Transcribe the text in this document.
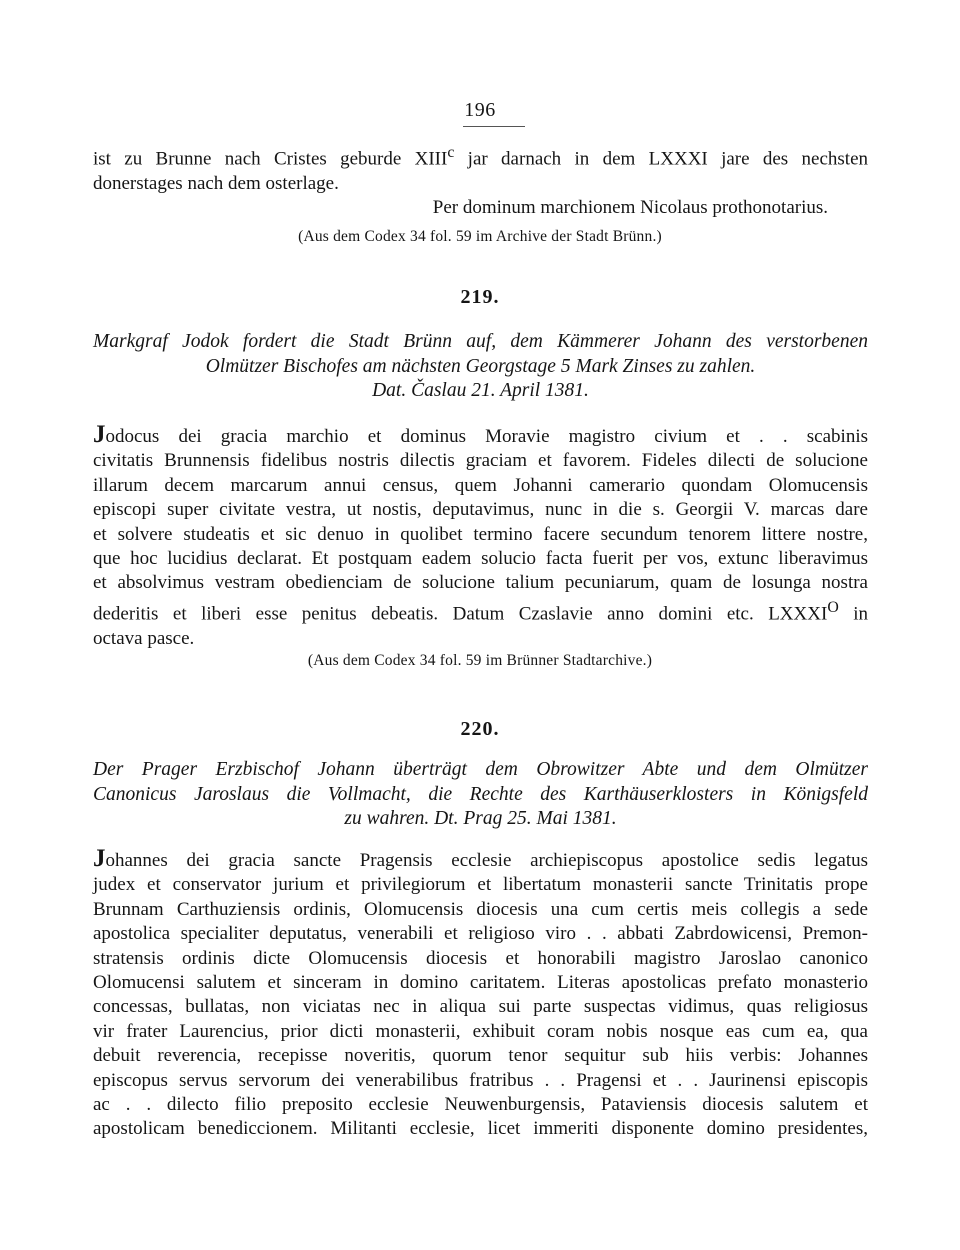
196
ist zu Brunne nach Cristes geburde XIII$^c$ jar darnach in dem LXXXI jare des nechsten
donerstages nach dem osterlage.
Per dominum marchionem Nicolaus prothonotarius.
(Aus dem Codex 34 fol. 59 im Archive der Stadt Brünn.)
219.
Markgraf Jodok fordert die Stadt Brünn auf, dem Kämmerer Johann des verstorbenen
Olmützer Bischofes am nächsten Georgstage 5 Mark Zinses zu zahlen.
Dat. Časlau 21. April 1381.
Jodocus dei gracia marchio et dominus Moravie magistro civium et . . scabinis
civitatis Brunnensis fidelibus nostris dilectis graciam et favorem. Fideles dilecti de solucione
illarum decem marcarum annui census, quem Johanni camerario quondam Olomucensis
episcopi super civitate vestra, ut nostis, deputavimus, nunc in die s. Georgii V. marcas dare
et solvere studeatis et sic denuo in quolibet termino facere secundum tenorem littere nostre,
que hoc lucidius declarat. Et postquam eadem solucio facta fuerit per vos, extunc liberavimus
et absolvimus vestram obedienciam de solucione talium pecuniarum, quam de losunga nostra
dederitis et liberi esse penitus debeatis. Datum Czaslavie anno domini etc. $LXXXI^O$ in
octava pasce.
(Aus dem Codex 34 fol. 59 im Brünner Stadtarchive.)
220.
Der Prager Erzbischof Johann überträgt dem Obrowitzer Abte und dem Olmützer
Canonicus Jaroslaus die Vollmacht, die Rechte des Karthäuserklosters in Königsfeld
zu wahren. Dt. Prag 25. Mai 1381.
Johannes dei gracia sancte Pragensis ecclesie archiepiscopus apostolice sedis legatus
judex et conservator jurium et privilegiorum et libertatum monasterii sancte Trinitatis prope
Brunnam Carthuziensis ordinis, Olomucensis diocesis una cum certis meis collegis a sede
apostolica specialiter deputatus, venerabili et religioso viro . . abbati Zabrdowicensi, Premon-
stratensis ordinis dicte Olomucensis diocesis et honorabili magistro Jaroslao canonico
Olomucensi salutem et sinceram in domino caritatem. Literas apostolicas prefato monasterio
concessas, bullatas, non viciatas nec in aliqua sui parte suspectas vidimus, quas religiosus
vir frater Laurencius, prior dicti monasterii, exhibuit coram nobis nosque eas cum ea, qua
debuit reverencia, recepisse noveritis, quorum tenor sequitur sub hiis verbis: Johannes
episcopus servus servorum dei venerabilibus fratribus . . Pragensi et . . Jaurinensi episcopis
ac . . dilecto filio preposito ecclesie Neuwenburgensis, Pataviensis diocesis salutem et
apostolicam benediccionem. Militanti ecclesie, licet immeriti disponente domino presidentes,
